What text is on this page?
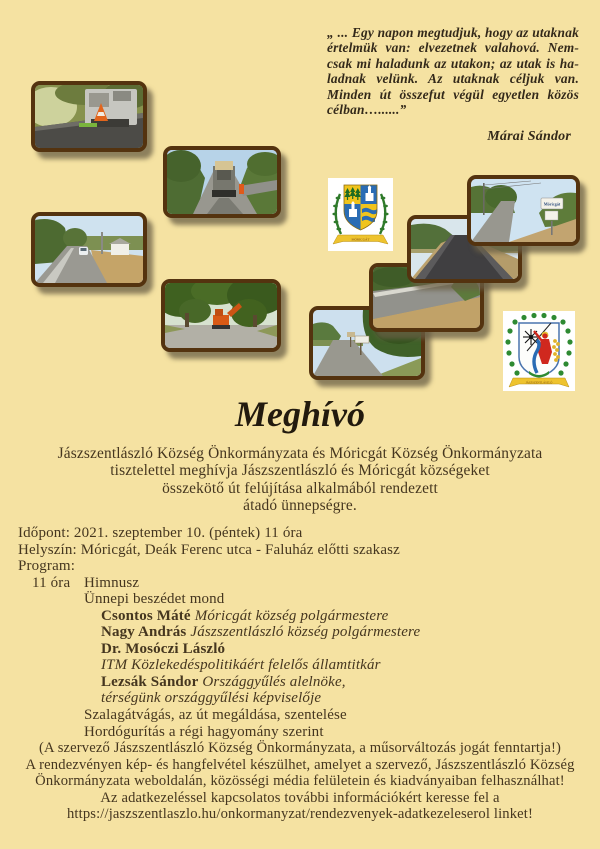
„ ... Egy napon megtudjuk, hogy az utaknak
értelmük van: elvezetnek valahová. Nem-
csak mi haladunk az utakon; az utak is ha-
ladnak velünk. Az utaknak céljuk van.
Minden út összefut végül egyetlen közös
célban…......”
Márai Sándor
Móricgát
MÓRICGÁT
JÁSZSZENTLÁSZLÓ
Meghívó
Jászszentlászló Község Önkormányzata és Móricgát Község Önkormányzata
tisztelettel meghívja Jászszentlászló és Móricgát községeket
összekötő út felújítása alkalmából rendezett
átadó ünnepségre.
Időpont: 2021. szeptember 10. (péntek) 11 óra
Helyszín: Móricgát, Deák Ferenc utca - Faluház előtti szakasz
Program:
11 óra Himnusz
Ünnepi beszédet mond
Csontos Máté Móricgát község polgármestere
Nagy András Jászszentlászló község polgármestere
Dr. Mosóczi László
ITM Közlekedéspolitikáért felelős államtitkár
Lezsák Sándor Országgyűlés alelnöke,
térségünk országgyűlési képviselője
Szalagátvágás, az út megáldása, szentelése
Hordógurítás a régi hagyomány szerint
(A szervező Jászszentlászló Község Önkormányzata, a műsorváltozás jogát fenntartja!)
A rendezvényen kép- és hangfelvétel készülhet, amelyet a szervező, Jászszentlászló Község
Önkormányzata weboldalán, közösségi média felületein és kiadványaiban felhasználhat!
Az adatkezeléssel kapcsolatos további információkért keresse fel a
https://jaszszentlaszlo.hu/onkormanyzat/rendezvenyek-adatkezeleserol linket!
